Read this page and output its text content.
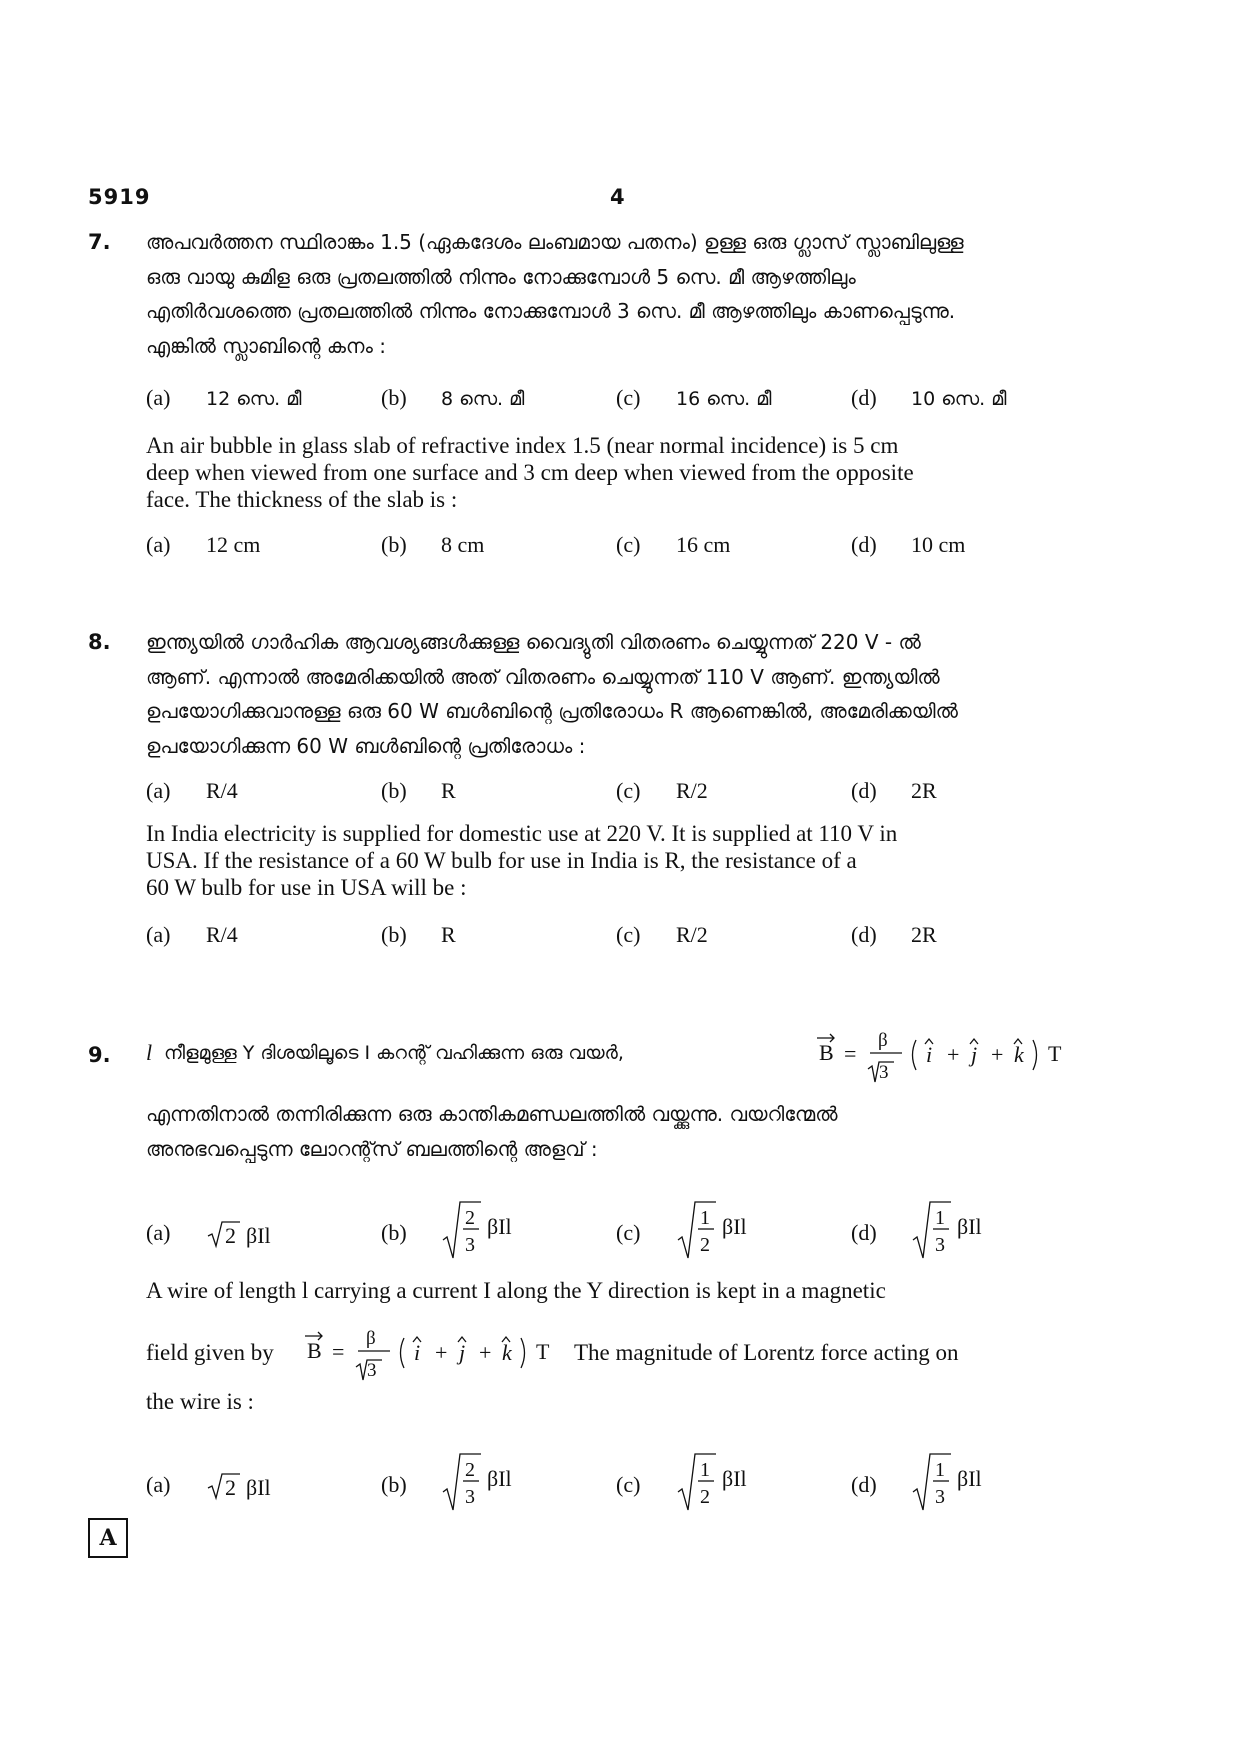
5919	4
7. അപവർത്തന സ്ഥിരാങ്കം 1.5 (ഏകദേശം ലംബമായ പതനം) ഉള്ള ഒരു ഗ്ലാസ് സ്ലാബിലുള്ള
ഒരു വായു കുമിള ഒരു പ്രതലത്തിൽ നിന്നും നോക്കുമ്പോൾ 5 സെ. മീ ആഴത്തിലും
എതിർവശത്തെ പ്രതലത്തിൽ നിന്നും നോക്കുമ്പോൾ 3 സെ. മീ ആഴത്തിലും കാണപ്പെടുന്നു.
എങ്കിൽ സ്ലാബിന്റെ കനം :
(a) 12 സെ. മീ	(b) 8 സെ. മീ	(c) 16 സെ. മീ	(d) 10 സെ. മീ
An air bubble in glass slab of refractive index 1.5 (near normal incidence) is 5 cm
deep when viewed from one surface and 3 cm deep when viewed from the opposite
face. The thickness of the slab is :
(a) 12 cm	(b) 8 cm	(c) 16 cm	(d) 10 cm
8. ഇന്ത്യയിൽ ഗാർഹിക ആവശ്യങ്ങൾക്കുള്ള വൈദ്യുതി വിതരണം ചെയ്യുന്നത് 220 V - ൽ
ആണ്. എന്നാൽ അമേരിക്കയിൽ അത് വിതരണം ചെയ്യുന്നത് 110 V ആണ്. ഇന്ത്യയിൽ
ഉപയോഗിക്കുവാനുള്ള ഒരു 60 W ബൾബിന്റെ പ്രതിരോധം R ആണെങ്കിൽ, അമേരിക്കയിൽ
ഉപയോഗിക്കുന്ന 60 W ബൾബിന്റെ പ്രതിരോധം :
(a) R/4	(b) R	(c) R/2	(d) 2R
In India electricity is supplied for domestic use at 220 V. It is supplied at 110 V in
USA. If the resistance of a 60 W bulb for use in India is R, the resistance of a
60 W bulb for use in USA will be :
(a) R/4	(b) R	(c) R/2	(d) 2R
9. l നീളമുള്ള Y ദിശയിലൂടെ I കറന്റ് വഹിക്കുന്ന ഒരു വയർ,	B =
β
3
i + j + k T
എന്നതിനാൽ തന്നിരിക്കുന്ന ഒരു കാന്തികമണ്ഡലത്തിൽ വയ്ക്കുന്നു. വയറിന്മേൽ
അനുഭവപ്പെടുന്ന ലോറന്റ്സ് ബലത്തിന്റെ അളവ് :
(a)	2 βIl	(b)
2
3
βIl	(c)
1
2
βIl	(d)
1
3
βIl
A wire of length l carrying a current I along the Y direction is kept in a magnetic
field given by B =
β
3
i + j + k T The magnitude of Lorentz force acting on
the wire is :
(a)	2 βIl	(b)
2
3
βIl	(c)
1
2
βIl	(d)
1
3
βIl
A
